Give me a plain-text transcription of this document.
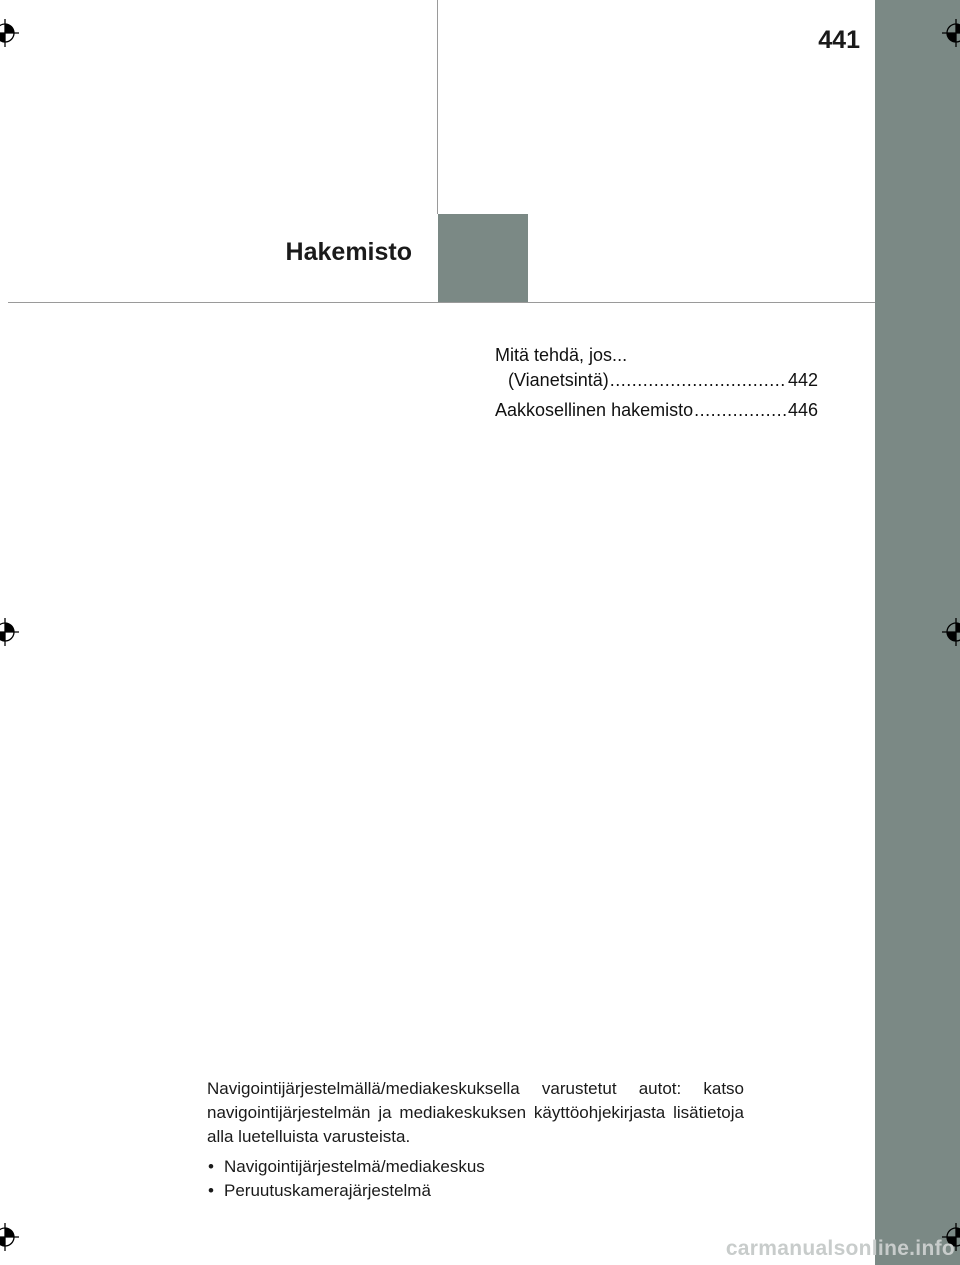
441
Hakemisto
Mitä tehdä, jos...
(Vianetsintä) .....	442
Aakkosellinen hakemisto .....	446

Navigointijärjestelmällä/mediakeskuksella varustetut autot: katso navigointijärjestelmän ja mediakeskuksen käyttöohjekirjasta lisätietoja alla luetelluista varusteista.

• Navigointijärjestelmä/mediakeskus
• Peruutuskamerajärjestelmä
carmanualsonline.info
